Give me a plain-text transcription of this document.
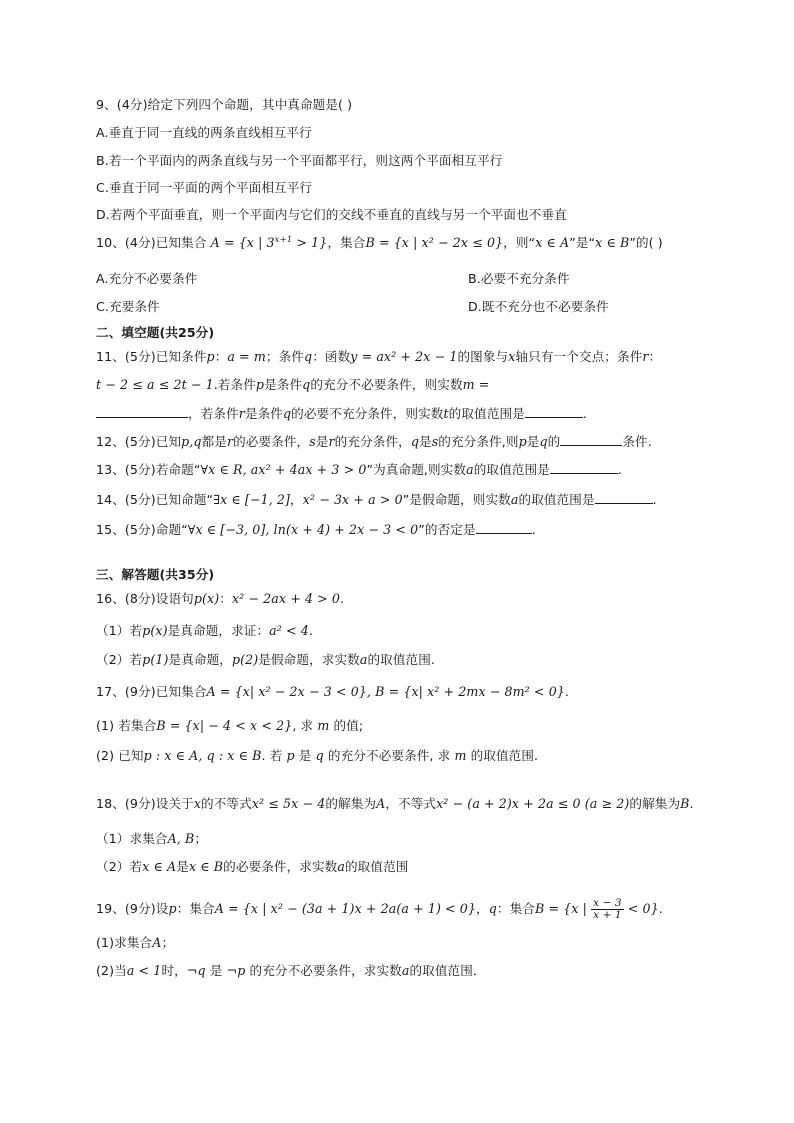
9、(4分)给定下列四个命题，其中真命题是( )
A.垂直于同一直线的两条直线相互平行
B.若一个平面内的两条直线与另一个平面都平行，则这两个平面相互平行
C.垂直于同一平面的两个平面相互平行
D.若两个平面垂直，则一个平面内与它们的交线不垂直的直线与另一个平面也不垂直
10、(4分)已知集合 A = {x | $3^{x+1} > 1$}，集合B = {x | x² − 2x ≤ 0}，则“x ∈ A”是“x ∈ B”的( )
A.充分不必要条件	B.必要不充分条件
C.充要条件	D.既不充分也不必要条件
二、填空题(共25分)
11、(5分)已知条件p：a = m；条件q：函数y = ax² + 2x − 1的图象与x轴只有一个交点；条件r：
t − 2 ≤ a ≤ 2t − 1.若条件p是条件q的充分不必要条件，则实数m =
，若条件r是条件q的必要不充分条件，则实数t的取值范围是	.
12、(5分)已知p,q都是r的必要条件，s是r的充分条件，q是s的充分条件,则p是q的	条件.
13、(5分)若命题“∀x ∈ R, ax² + 4ax + 3 > 0”为真命题,则实数a的取值范围是	.
14、(5分)已知命题“∃x ∈ [−1, 2]，x² − 3x + a > 0”是假命题，则实数a的取值范围是	.
15、(5分)命题“∀x ∈ [−3, 0], ln(x + 4) + 2x − 3 < 0”的否定是	.
三、解答题(共35分)
16、(8分)设语句p(x)：x² − 2ax + 4 > 0.
（1）若p(x)是真命题，求证：a² < 4.
（2）若p(1)是真命题，p(2)是假命题，求实数a的取值范围.
17、(9分)已知集合A = {x| x² − 2x − 3 < 0}, B = {x| x² + 2mx − 8m² < 0}.
(1) 若集合B = {x| − 4 < x < 2}, 求 m 的值;
(2) 已知p : x ∈ A, q : x ∈ B. 若 p 是 q 的充分不必要条件, 求 m 的取值范围.
18、(9分)设关于x的不等式x² ≤ 5x − 4的解集为A，不等式x² − (a + 2)x + 2a ≤ 0 (a ≥ 2)的解集为B.
（1）求集合A, B；
（2）若x ∈ A是x ∈ B的必要条件，求实数a的取值范围
19、(9分)设p：集合A = {x | x² − (3a + 1)x + 2a(a + 1) < 0}，q：集合B = {x | $\frac{x - 3}{x + 1} < 0$}.
(1)求集合A；
(2)当a < 1时，¬q 是 ¬p 的充分不必要条件，求实数a的取值范围．
